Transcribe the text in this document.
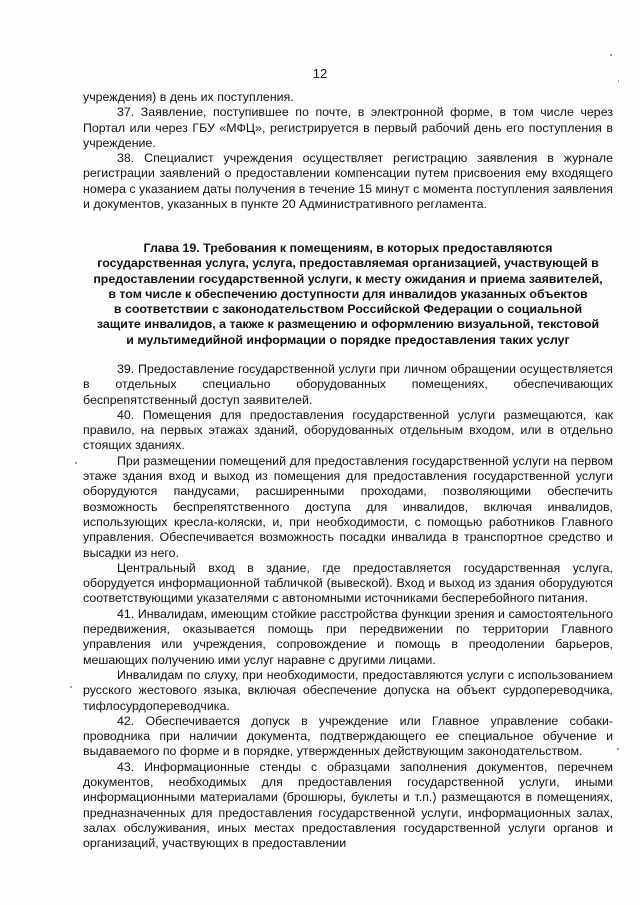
12

учреждения) в день их поступления.

37. Заявление, поступившее по почте, в электронной форме, в том числе через Портал или через ГБУ «МФЦ», регистрируется в первый рабочий день его поступления в учреждение.

38. Специалист учреждения осуществляет регистрацию заявления в журнале регистрации заявлений о предоставлении компенсации путем присвоения ему входящего номера с указанием даты получения в течение 15 минут с момента поступления заявления и документов, указанных в пункте 20 Административного регламента.

Глава 19. Требования к помещениям, в которых предоставляются
государственная услуга, услуга, предоставляемая организацией, участвующей в
предоставлении государственной услуги, к месту ожидания и приема заявителей,
в том числе к обеспечению доступности для инвалидов указанных объектов
в соответствии с законодательством Российской Федерации о социальной
защите инвалидов, а также к размещению и оформлению визуальной, текстовой
и мультимедийной информации о порядке предоставления таких услуг

39. Предоставление государственной услуги при личном обращении осуществляется в отдельных специально оборудованных помещениях, обеспечивающих беспрепятственный доступ заявителей.

40. Помещения для предоставления государственной услуги размещаются, как правило, на первых этажах зданий, оборудованных отдельным входом, или в отдельно стоящих зданиях.

При размещении помещений для предоставления государственной услуги на первом этаже здания вход и выход из помещения для предоставления государственной услуги оборудуются пандусами, расширенными проходами, позволяющими обеспечить возможность беспрепятственного доступа для инвалидов, включая инвалидов, использующих кресла-коляски, и, при необходимости, с помощью работников Главного управления. Обеспечивается возможность посадки инвалида в транспортное средство и высадки из него.

Центральный вход в здание, где предоставляется государственная услуга, оборудуется информационной табличкой (вывеской). Вход и выход из здания оборудуются соответствующими указателями с автономными источниками бесперебойного питания.

41. Инвалидам, имеющим стойкие расстройства функции зрения и самостоятельного передвижения, оказывается помощь при передвижении по территории Главного управления или учреждения, сопровождение и помощь в преодолении барьеров, мешающих получению ими услуг наравне с другими лицами.

Инвалидам по слуху, при необходимости, предоставляются услуги с использованием русского жестового языка, включая обеспечение допуска на объект сурдопереводчика, тифлосурдопереводчика.

42. Обеспечивается допуск в учреждение или Главное управление собаки-проводника при наличии документа, подтверждающего ее специальное обучение и выдаваемого по форме и в порядке, утвержденных действующим законодательством.

43. Информационные стенды с образцами заполнения документов, перечнем документов, необходимых для предоставления государственной услуги, иными информационными материалами (брошюры, буклеты и т.п.) размещаются в помещениях, предназначенных для предоставления государственной услуги, информационных залах, залах обслуживания, иных местах предоставления государственной услуги органов и организаций, участвующих в предоставлении
